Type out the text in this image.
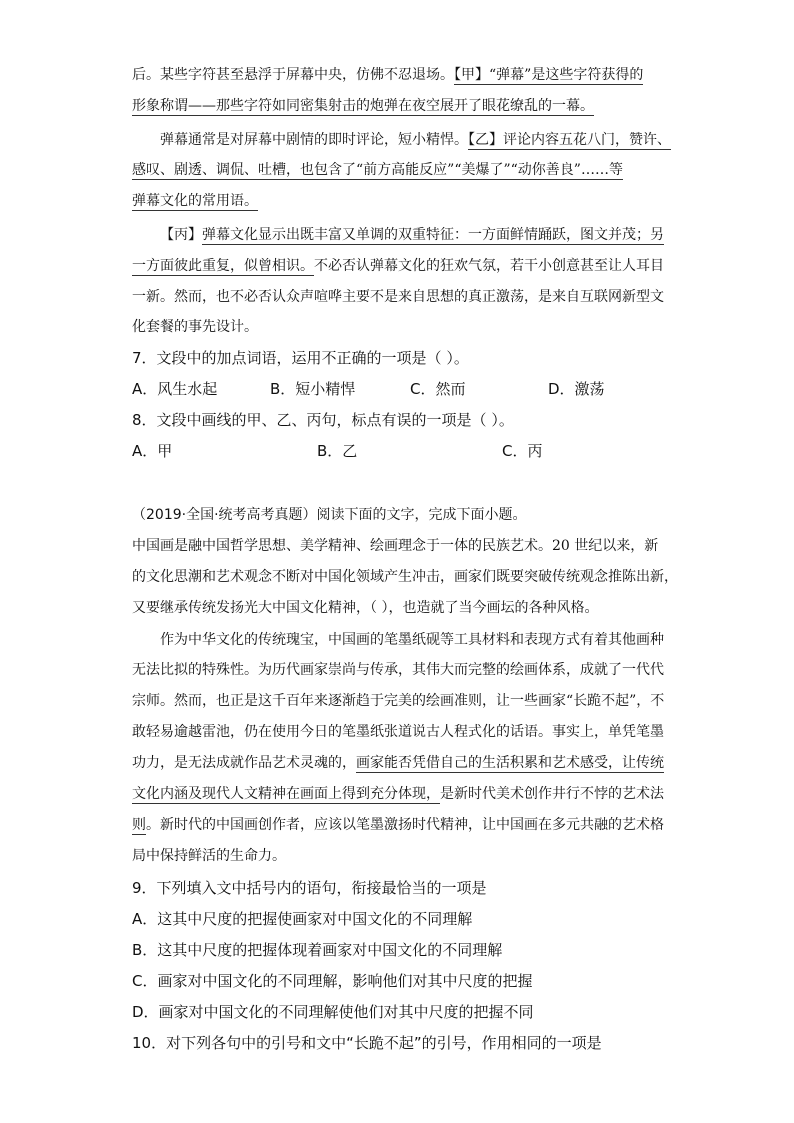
后。某些字符甚至悬浮于屏幕中央，仿佛不忍退场。【甲】“弹幕”是这些字符获得的
形象称谓——那些字符如同密集射击的炮弹在夜空展开了眼花缭乱的一幕。
弹幕通常是对屏幕中剧情的即时评论，短小精悍。【乙】评论内容五花八门，赞许、
感叹、剧透、调侃、吐槽，也包含了“前方高能反应”“美爆了”“动你善良”……等
弹幕文化的常用语。
【丙】弹幕文化显示出既丰富又单调的双重特征：一方面鲜情踊跃，图文并茂；另
一方面彼此重复，似曾相识。不必否认弹幕文化的狂欢气氛，若干小创意甚至让人耳目
一新。然而，也不必否认众声喧哗主要不是来自思想的真正激荡，是来自互联网新型文
化套餐的事先设计。
7．文段中的加点词语，运用不正确的一项是（ ）。
A．风生水起	B．短小精悍	C．然而	D．激荡
8．文段中画线的甲、乙、丙句，标点有误的一项是（ ）。
A．甲	B．乙	C．丙
（2019·全国·统考高考真题）阅读下面的文字，完成下面小题。
中国画是融中国哲学思想、美学精神、绘画理念于一体的民族艺术。20 世纪以来，新
的文化思潮和艺术观念不断对中国化领域产生冲击，画家们既要突破传统观念推陈出新，
又要继承传统发扬光大中国文化精神，（ ），也造就了当今画坛的各种风格。
作为中华文化的传统瑰宝，中国画的笔墨纸砚等工具材料和表现方式有着其他画种
无法比拟的特殊性。为历代画家崇尚与传承，其伟大而完整的绘画体系，成就了一代代
宗师。然而，也正是这千百年来逐渐趋于完美的绘画准则，让一些画家“长跪不起”，不
敢轻易逾越雷池，仍在使用今日的笔墨纸张道说古人程式化的话语。事实上，单凭笔墨
功力，是无法成就作品艺术灵魂的，画家能否凭借自己的生活积累和艺术感受，让传统
文化内涵及现代人文精神在画面上得到充分体现，是新时代美术创作井行不悖的艺术法
则。新时代的中国画创作者，应该以笔墨激扬时代精神，让中国画在多元共融的艺术格
局中保持鲜活的生命力。
9．下列填入文中括号内的语句，衔接最恰当的一项是
A．这其中尺度的把握使画家对中国文化的不同理解
B．这其中尺度的把握体现着画家对中国文化的不同理解
C．画家对中国文化的不同理解，影响他们对其中尺度的把握
D．画家对中国文化的不同理解使他们对其中尺度的把握不同
10．对下列各句中的引号和文中“长跪不起”的引号，作用相同的一项是
